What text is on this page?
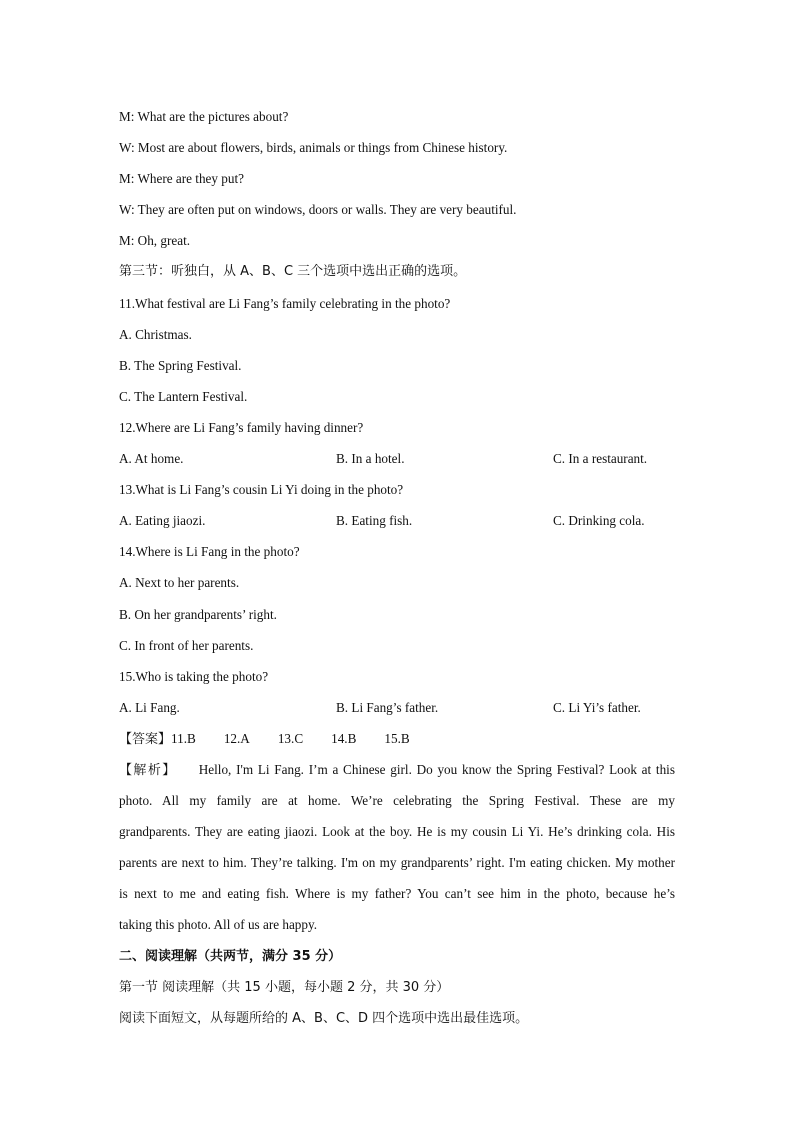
M: What are the pictures about?
W: Most are about flowers, birds, animals or things from Chinese history.
M: Where are they put?
W: They are often put on windows, doors or walls. They are very beautiful.
M: Oh, great.
第三节：听独白，从 A、B、C 三个选项中选出正确的选项。
11.What festival are Li Fang’s family celebrating in the photo?
A. Christmas.
B. The Spring Festival.
C. The Lantern Festival.
12.Where are Li Fang’s family having dinner?
A. At home.	B. In a hotel.	C. In a restaurant.
13.What is Li Fang’s cousin Li Yi doing in the photo?
A. Eating jiaozi.	B. Eating fish.	C. Drinking cola.
14.Where is Li Fang in the photo?
A. Next to her parents.
B. On her grandparents’ right.
C. In front of her parents.
15.Who is taking the photo?
A. Li Fang.	B. Li Fang’s father.	C. Li Yi’s father.
【答案】11.B 12.A 13.C 14.B 15.B
【解析】 Hello, I'm Li Fang. I’m a Chinese girl. Do you know the Spring Festival? Look at this
photo. All my family are at home. We’re celebrating the Spring Festival. These are my
grandparents. They are eating jiaozi. Look at the boy. He is my cousin Li Yi. He’s drinking cola. His
parents are next to him. They’re talking. I'm on my grandparents’ right. I'm eating chicken. My mother
is next to me and eating fish. Where is my father? You can’t see him in the photo, because he’s
taking this photo. All of us are happy.
二、阅读理解（共两节，满分 35 分）
第一节 阅读理解（共 15 小题，每小题 2 分，共 30 分）
阅读下面短文，从每题所给的 A、B、C、D 四个选项中选出最佳选项。
